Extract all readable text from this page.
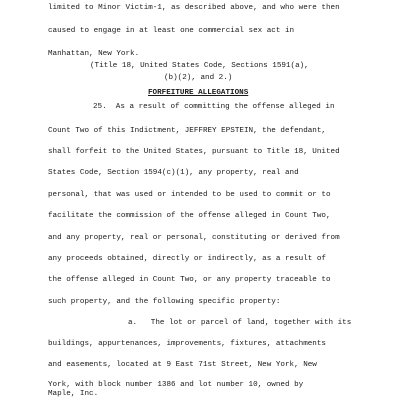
limited to Minor Victim-1, as described above, and who were then
caused to engage in at least one commercial sex act in
Manhattan, New York.
(Title 18, United States Code, Sections 1591(a),
(b)(2), and 2.)
FORFEITURE ALLEGATIONS
25.  As a result of committing the offense alleged in
Count Two of this Indictment, JEFFREY EPSTEIN, the defendant,
shall forfeit to the United States, pursuant to Title 18, United
States Code, Section 1594(c)(1), any property, real and
personal, that was used or intended to be used to commit or to
facilitate the commission of the offense alleged in Count Two,
and any property, real or personal, constituting or derived from
any proceeds obtained, directly or indirectly, as a result of
the offense alleged in Count Two, or any property traceable to
such property, and the following specific property:
a.   The lot or parcel of land, together with its
buildings, appurtenances, improvements, fixtures, attachments
and easements, located at 9 East 71st Street, New York, New
York, with block number 1386 and lot number 10, owned by
Maple, Inc.
